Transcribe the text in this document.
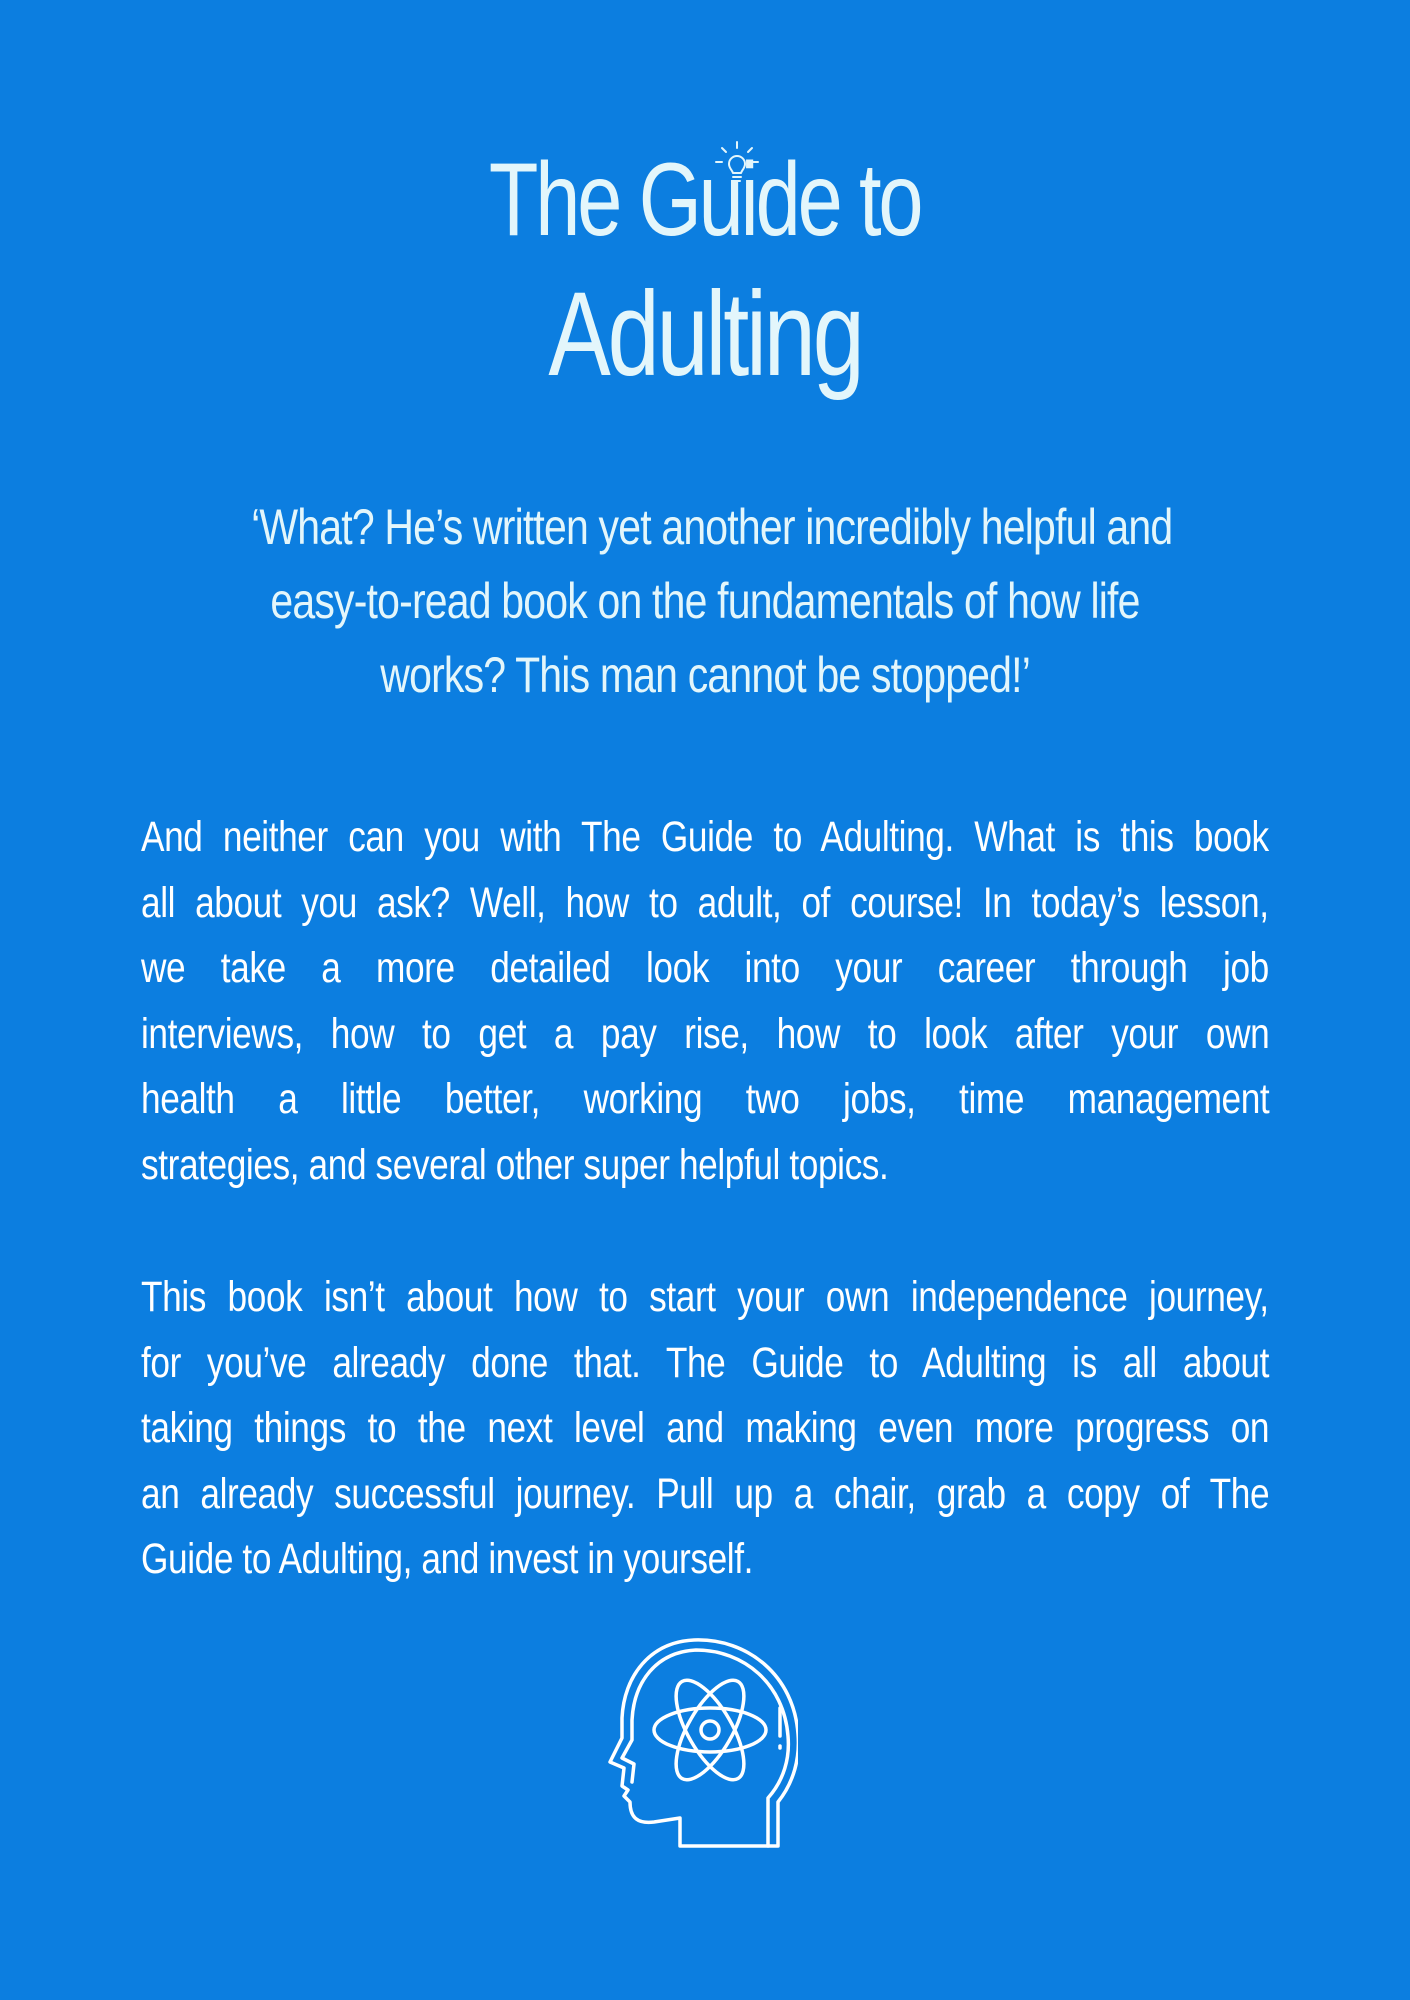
The Guide to
Adulting
‘What? He’s written yet another incredibly helpful and
easy-to-read book on the fundamentals of how life
works? This man cannot be stopped!’
And neither can you with The Guide to Adulting. What is this book
all about you ask? Well, how to adult, of course! In today’s lesson,
we take a more detailed look into your career through job
interviews, how to get a pay rise, how to look after your own
health a little better, working two jobs, time management
strategies, and several other super helpful topics.
This book isn’t about how to start your own independence journey,
for you’ve already done that. The Guide to Adulting is all about
taking things to the next level and making even more progress on
an already successful journey. Pull up a chair, grab a copy of The
Guide to Adulting, and invest in yourself.
